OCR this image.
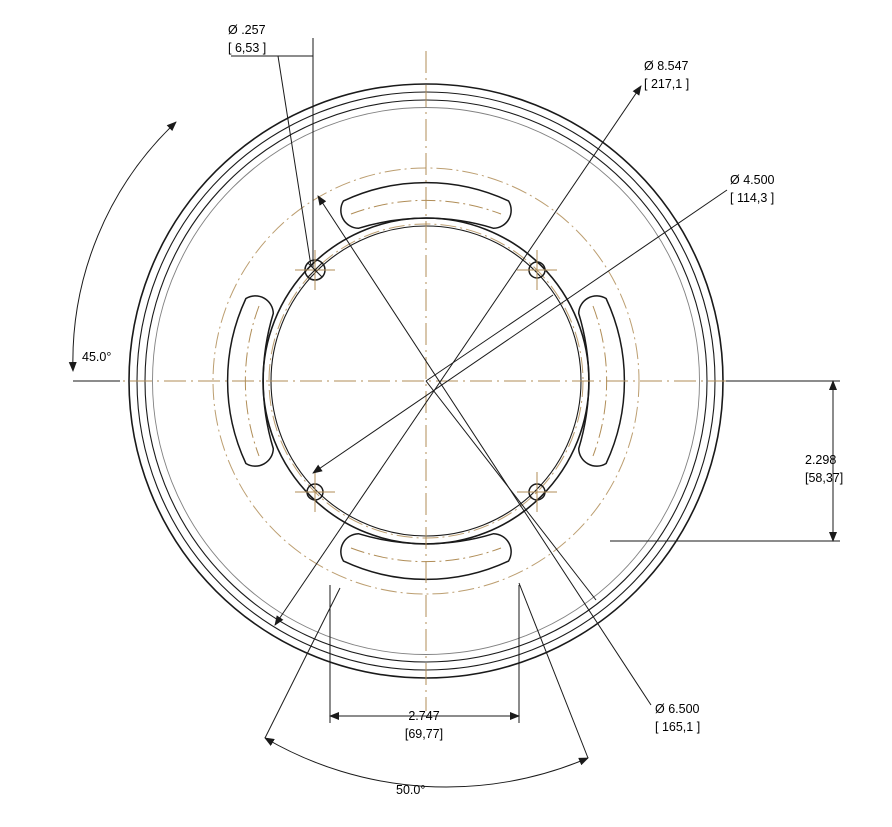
Ø .257
[ 6,53 ]
Ø 8.547
[ 217,1 ]
Ø 4.500
[ 114,3 ]
Ø 6.500
[ 165,1 ]
45.0°
50.0°
2.298
[58,37]
2.747
[69,77]
